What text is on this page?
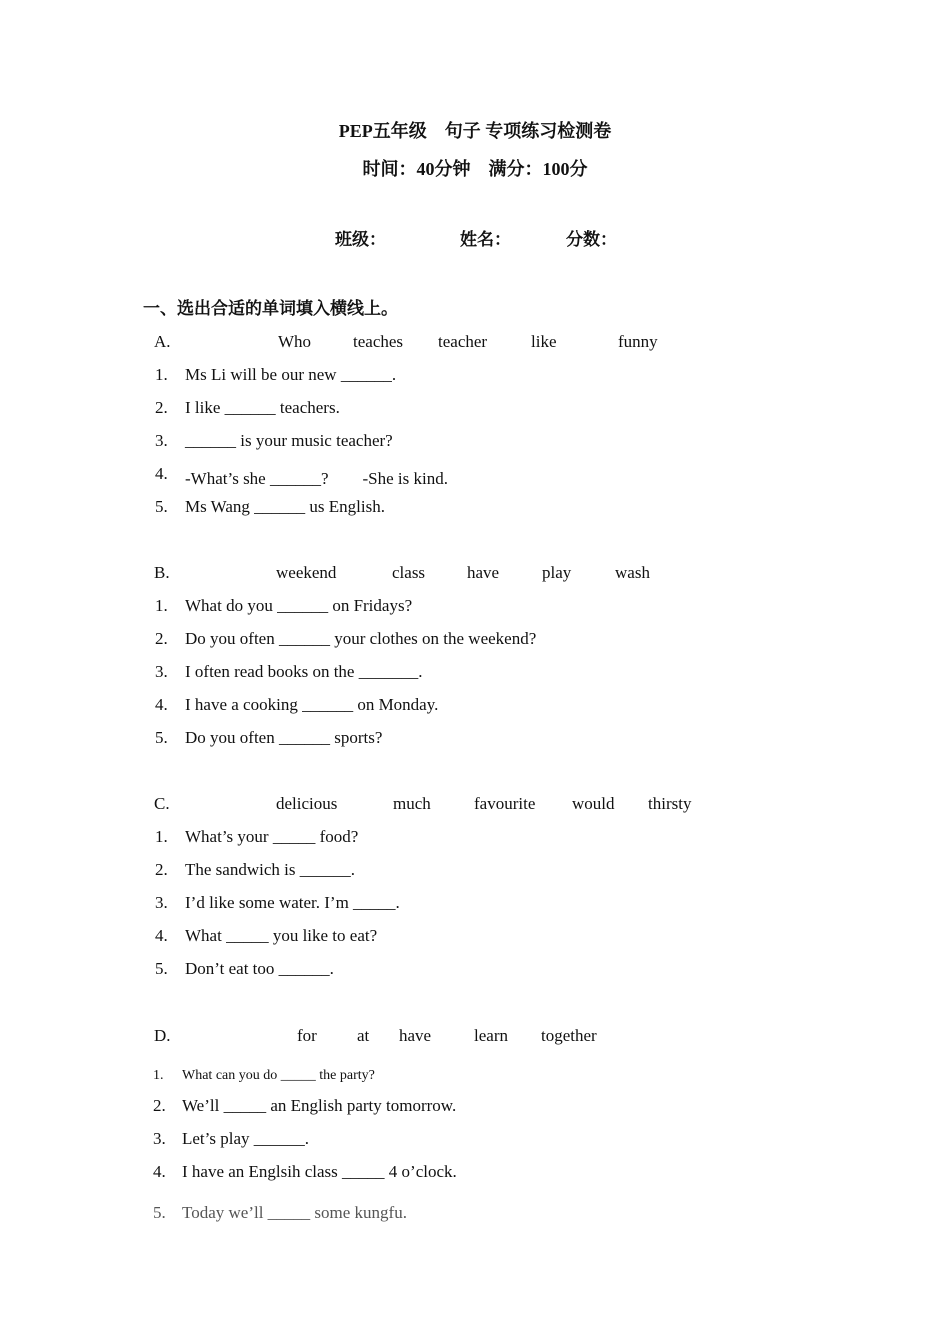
PEP五年级　句子 专项练习检测卷
时间：40分钟　满分：100分
班级：	姓名：	分数：
一、选出合适的单词填入横线上。
A.	Who teaches teacher	like	funny
1. Ms Li will be our new ______.
2. I like ______ teachers.
3. ______ is your music teacher?
4. -What’s she ______?　　-She is kind.
5. Ms Wang ______ us English.
B.	weekend	class have	play	wash
1. What do you ______ on Fridays?
2. Do you often ______ your clothes on the weekend?
3. I often read books on the _______.
4. I have a cooking ______ on Monday.
5. Do you often ______ sports?
C.	delicious	much	favourite would thirsty
1. What’s your _____ food?
2. The sandwich is ______.
3. I’d like some water. I’m _____.
4. What _____ you like to eat?
5. Don’t eat too ______.
D.	for at have	learn together
1. What can you do _____ the party?
2. We’ll _____ an English party tomorrow.
3. Let’s play ______.
4. I have an Englsih class _____ 4 o’clock.
5. Today we’ll _____ some kungfu.
